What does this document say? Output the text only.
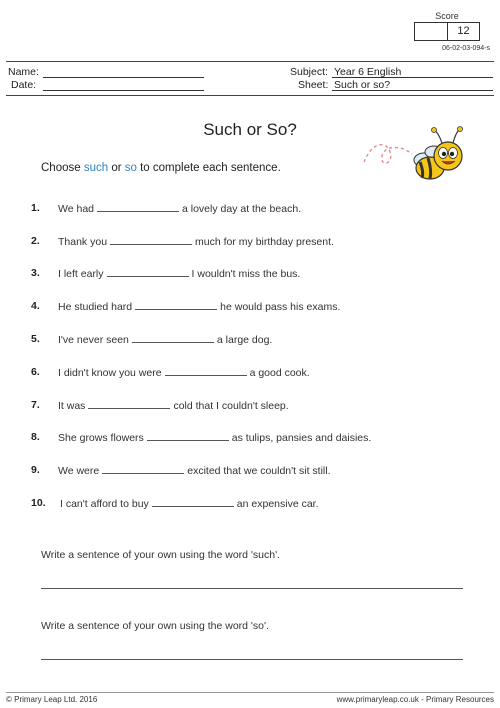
Score
12
06-02-03-094-s
Name:
Date:
Subject: Year 6 English
Sheet: Such or so?
Such or So?
Choose such or so to complete each sentence.
1. We had	a lovely day at the beach.
2. Thank you	much for my birthday present.
3. I left early	I wouldn't miss the bus.
4. He studied hard	he would pass his exams.
5. I've never seen	a large dog.
6. I didn't know you were	a good cook.
7. It was	cold that I couldn't sleep.
8. She grows flowers	as tulips, pansies and daisies.
9. We were	excited that we couldn't sit still.
10. I can't afford to buy	an expensive car.
Write a sentence of your own using the word 'such'.
Write a sentence of your own using the word 'so'.
© Primary Leap Ltd. 2016	www.primaryleap.co.uk - Primary Resources
